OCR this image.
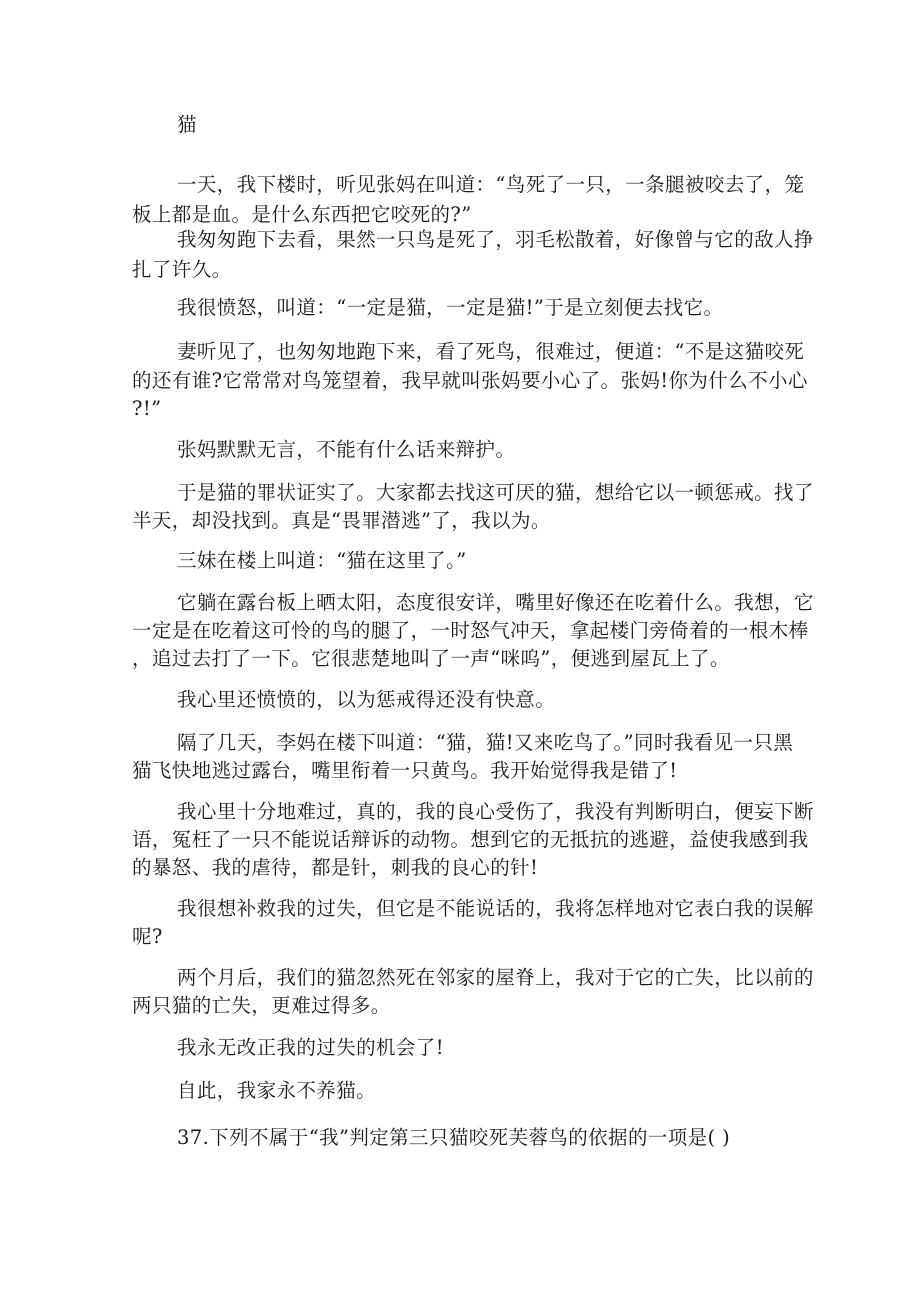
猫
一天，我下楼时，听见张妈在叫道：“鸟死了一只，一条腿被咬去了，笼
板上都是血。是什么东西把它咬死的?”
我匆匆跑下去看，果然一只鸟是死了，羽毛松散着，好像曾与它的敌人挣
扎了许久。
我很愤怒，叫道：“一定是猫，一定是猫!”于是立刻便去找它。
妻听见了，也匆匆地跑下来，看了死鸟，很难过，便道：“不是这猫咬死
的还有谁?它常常对鸟笼望着，我早就叫张妈要小心了。张妈!你为什么不小心
?!”
张妈默默无言，不能有什么话来辩护。
于是猫的罪状证实了。大家都去找这可厌的猫，想给它以一顿惩戒。找了
半天，却没找到。真是“畏罪潜逃”了，我以为。
三妹在楼上叫道：“猫在这里了。”
它躺在露台板上晒太阳，态度很安详，嘴里好像还在吃着什么。我想，它
一定是在吃着这可怜的鸟的腿了，一时怒气冲天，拿起楼门旁倚着的一根木棒
，追过去打了一下。它很悲楚地叫了一声“咪呜”，便逃到屋瓦上了。
我心里还愤愤的，以为惩戒得还没有快意。
隔了几天，李妈在楼下叫道：“猫，猫!又来吃鸟了。”同时我看见一只黑
猫飞快地逃过露台，嘴里衔着一只黄鸟。我开始觉得我是错了!
我心里十分地难过，真的，我的良心受伤了，我没有判断明白，便妄下断
语，冤枉了一只不能说话辩诉的动物。想到它的无抵抗的逃避，益使我感到我
的暴怒、我的虐待，都是针，刺我的良心的针!
我很想补救我的过失，但它是不能说话的，我将怎样地对它表白我的误解
呢?
两个月后，我们的猫忽然死在邻家的屋脊上，我对于它的亡失，比以前的
两只猫的亡失，更难过得多。
我永无改正我的过失的机会了!
自此，我家永不养猫。
37.下列不属于“我”判定第三只猫咬死芙蓉鸟的依据的一项是( )
